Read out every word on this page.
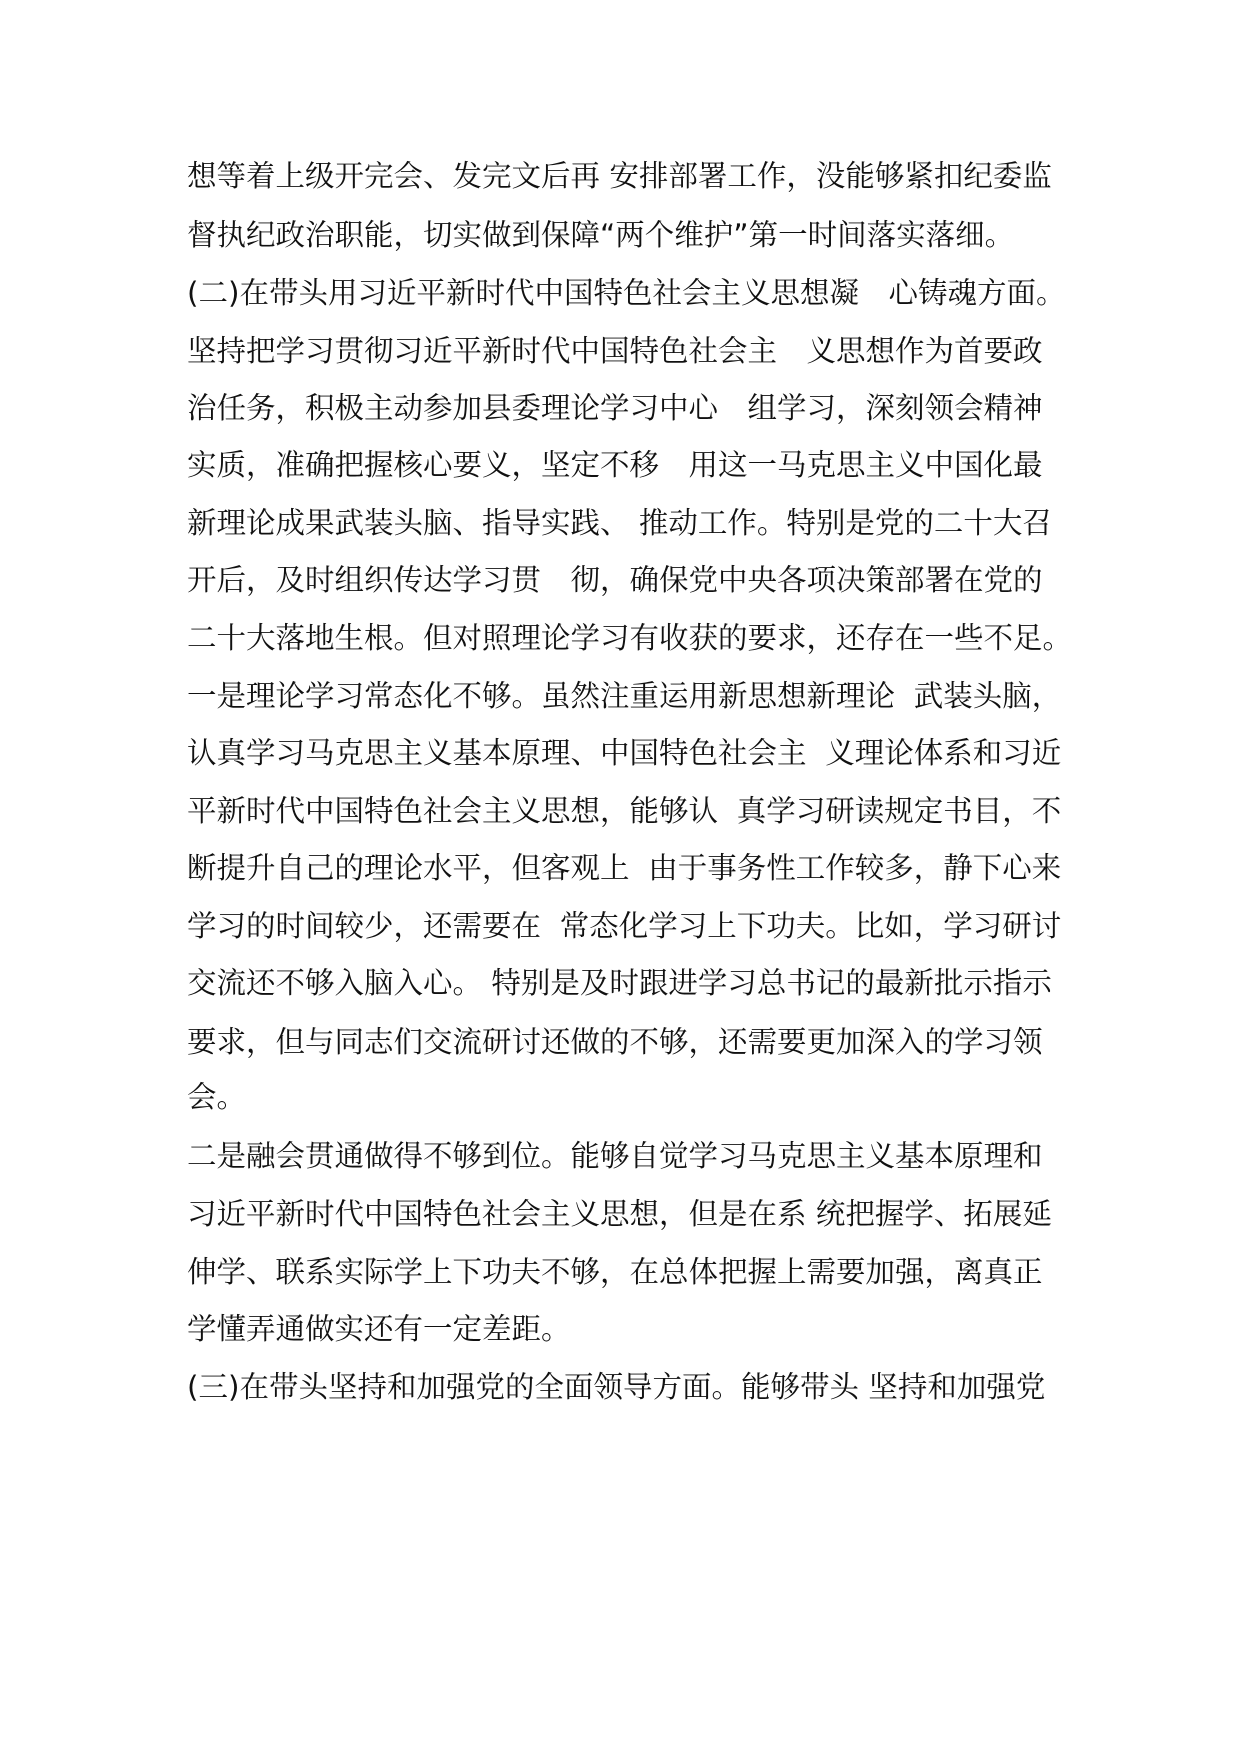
想等着上级开完会、发完文后再 安排部署工作，没能够紧扣纪委监

督执纪政治职能，切实做到保障“两个维护”第一时间落实落细。

(二)在带头用习近平新时代中国特色社会主义思想凝　心铸魂方面。

坚持把学习贯彻习近平新时代中国特色社会主　义思想作为首要政

治任务，积极主动参加县委理论学习中心　组学习，深刻领会精神

实质，准确把握核心要义，坚定不移　用这一马克思主义中国化最

新理论成果武装头脑、指导实践、 推动工作。特别是党的二十大召

开后，及时组织传达学习贯　彻，确保党中央各项决策部署在党的

二十大落地生根。但对照理论学习有收获的要求，还存在一些不足。

一是理论学习常态化不够。虽然注重运用新思想新理论  武装头脑，

认真学习马克思主义基本原理、中国特色社会主  义理论体系和习近

平新时代中国特色社会主义思想，能够认  真学习研读规定书目，不

断提升自己的理论水平，但客观上  由于事务性工作较多，静下心来

学习的时间较少，还需要在  常态化学习上下功夫。比如，学习研讨

交流还不够入脑入心。 特别是及时跟进学习总书记的最新批示指示

要求，但与同志们交流研讨还做的不够，还需要更加深入的学习领

会。

二是融会贯通做得不够到位。能够自觉学习马克思主义基本原理和

习近平新时代中国特色社会主义思想，但是在系 统把握学、拓展延

伸学、联系实际学上下功夫不够，在总体把握上需要加强，离真正

学懂弄通做实还有一定差距。

(三)在带头坚持和加强党的全面领导方面。能够带头 坚持和加强党
